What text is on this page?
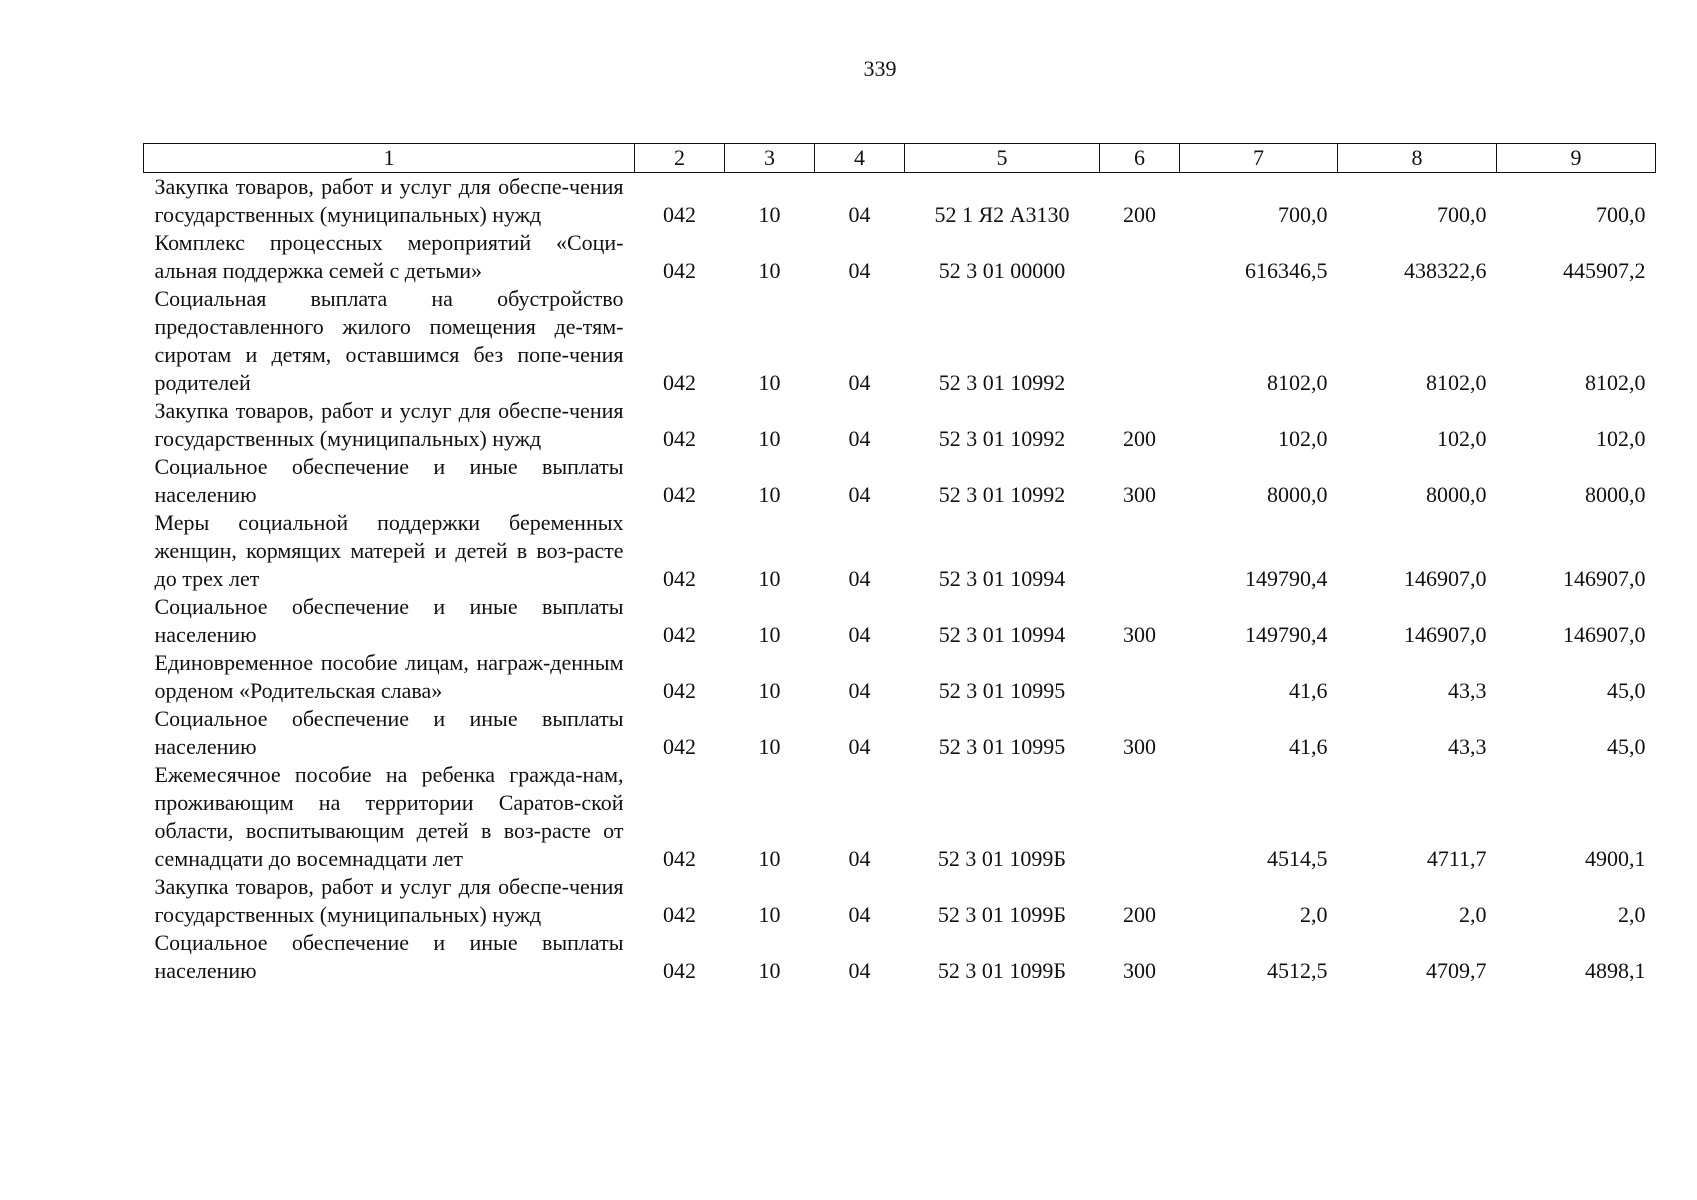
339
1	2	3	4	5	6	7	8	9
Закупка товаров, работ и услуг для обеспе-чения государственных (муниципальных) нужд	042	10	04	52 1 Я2 А3130	200	700,0	700,0	700,0
Комплекс процессных мероприятий «Соци-альная поддержка семей с детьми»	042	10	04	52 3 01 00000		616346,5	438322,6	445907,2
Социальная выплата на обустройство предоставленного жилого помещения де-тям-сиротам и детям, оставшимся без попе-чения родителей	042	10	04	52 3 01 10992		8102,0	8102,0	8102,0
Закупка товаров, работ и услуг для обеспе-чения государственных (муниципальных) нужд	042	10	04	52 3 01 10992	200	102,0	102,0	102,0
Социальное обеспечение и иные выплаты населению	042	10	04	52 3 01 10992	300	8000,0	8000,0	8000,0
Меры социальной поддержки беременных женщин, кормящих матерей и детей в воз-расте до трех лет	042	10	04	52 3 01 10994		149790,4	146907,0	146907,0
Социальное обеспечение и иные выплаты населению	042	10	04	52 3 01 10994	300	149790,4	146907,0	146907,0
Единовременное пособие лицам, награж-денным орденом «Родительская слава»	042	10	04	52 3 01 10995		41,6	43,3	45,0
Социальное обеспечение и иные выплаты населению	042	10	04	52 3 01 10995	300	41,6	43,3	45,0
Ежемесячное пособие на ребенка гражда-нам, проживающим на территории Саратов-ской области, воспитывающим детей в воз-расте от семнадцати до восемнадцати лет	042	10	04	52 3 01 1099Б		4514,5	4711,7	4900,1
Закупка товаров, работ и услуг для обеспе-чения государственных (муниципальных) нужд	042	10	04	52 3 01 1099Б	200	2,0	2,0	2,0
Социальное обеспечение и иные выплаты населению	042	10	04	52 3 01 1099Б	300	4512,5	4709,7	4898,1
